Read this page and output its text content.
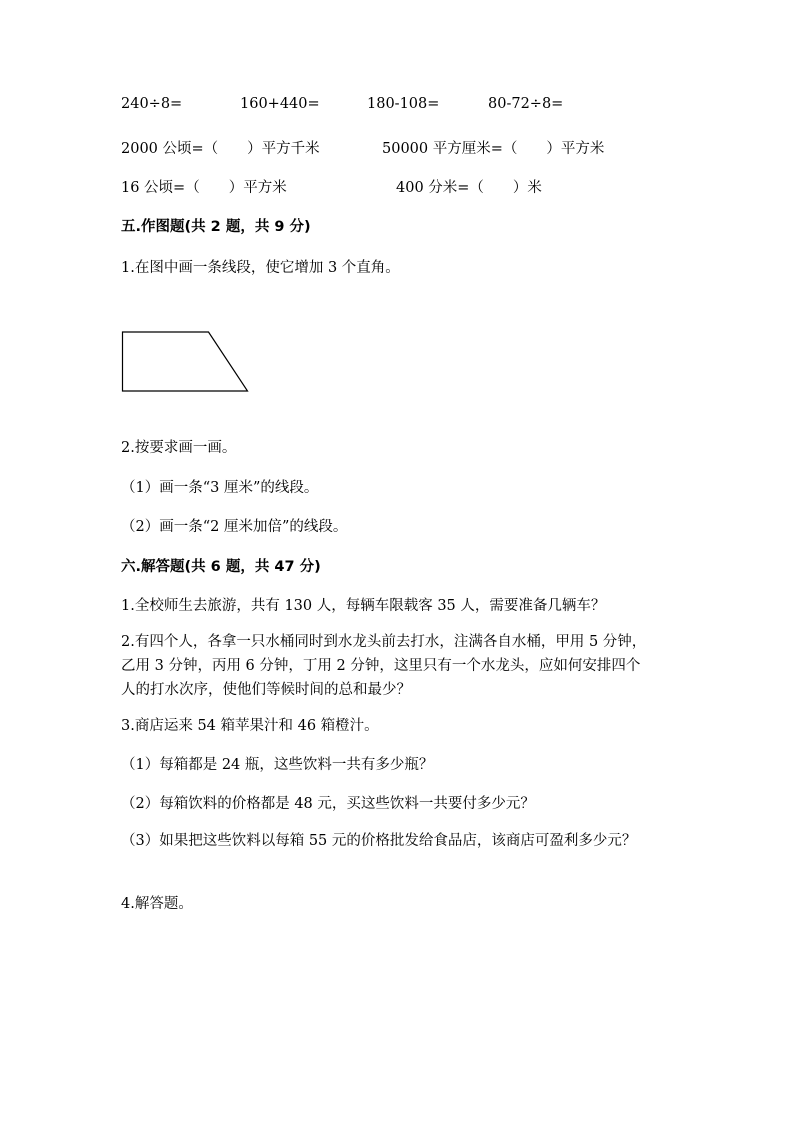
240÷8=	160+440=	180-108=	80-72÷8=
2000 公顷=（　　）平方千米	50000 平方厘米=（　　）平方米
16 公顷=（　　）平方米	400 分米=（　　）米
五.作图题(共 2 题，共 9 分)
1.在图中画一条线段，使它增加 3 个直角。
2.按要求画一画。
（1）画一条“3 厘米”的线段。
（2）画一条“2 厘米加倍”的线段。
六.解答题(共 6 题，共 47 分)
1.全校师生去旅游，共有 130 人，每辆车限载客 35 人，需要准备几辆车？
2.有四个人，各拿一只水桶同时到水龙头前去打水，注满各自水桶，甲用 5 分钟，乙用 3 分钟，丙用 6 分钟，丁用 2 分钟，这里只有一个水龙头，应如何安排四个人的打水次序，使他们等候时间的总和最少？
3.商店运来 54 箱苹果汁和 46 箱橙汁。
（1）每箱都是 24 瓶，这些饮料一共有多少瓶？
（2）每箱饮料的价格都是 48 元，买这些饮料一共要付多少元？
（3）如果把这些饮料以每箱 55 元的价格批发给食品店，该商店可盈利多少元？
4.解答题。
